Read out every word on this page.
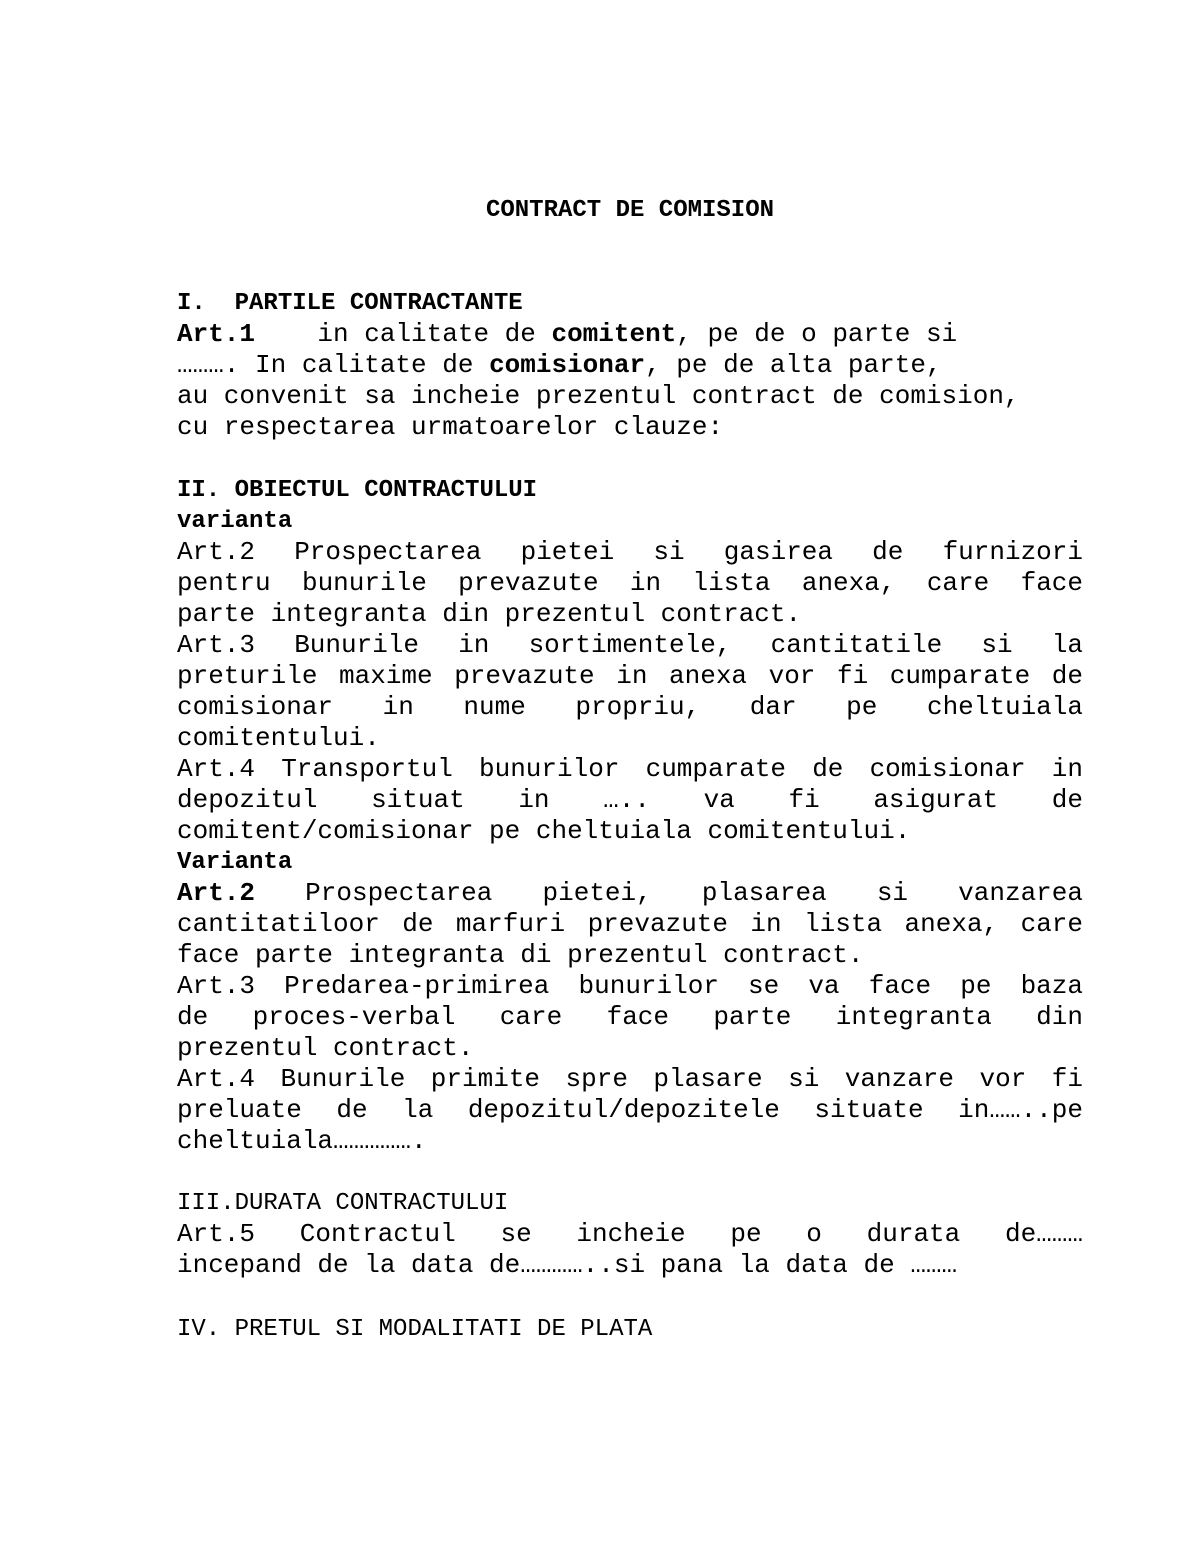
CONTRACT DE COMISION
I.  PARTILE CONTRACTANTE
Art.1    in calitate de comitent, pe de o parte si
………. In calitate de comisionar, pe de alta parte,
au convenit sa incheie prezentul contract de comision,
cu respectarea urmatoarelor clauze:
II. OBIECTUL CONTRACTULUI
varianta
Art.2 Prospectarea pietei si gasirea de furnizori
pentru bunurile prevazute in lista anexa, care face
parte integranta din prezentul contract.
Art.3 Bunurile in sortimentele, cantitatile si la
preturile maxime prevazute in anexa vor fi cumparate de
comisionar in nume propriu, dar pe cheltuiala
comitentului.
Art.4 Transportul bunurilor cumparate de comisionar in
depozitul situat in ….. va fi asigurat de
comitent/comisionar pe cheltuiala comitentului.
Varianta
Art.2 Prospectarea pietei, plasarea si vanzarea
cantitatiloor de marfuri prevazute in lista anexa, care
face parte integranta di prezentul contract.
Art.3 Predarea-primirea bunurilor se va face pe baza
de proces-verbal care face parte integranta din
prezentul contract.
Art.4 Bunurile primite spre plasare si vanzare vor fi
preluate de la depozitul/depozitele situate in……..pe
cheltuiala…………….
III.DURATA CONTRACTULUI
Art.5 Contractul se incheie pe o durata de………
incepand de la data de…………..si pana la data de ………
IV. PRETUL SI MODALITATI DE PLATA
